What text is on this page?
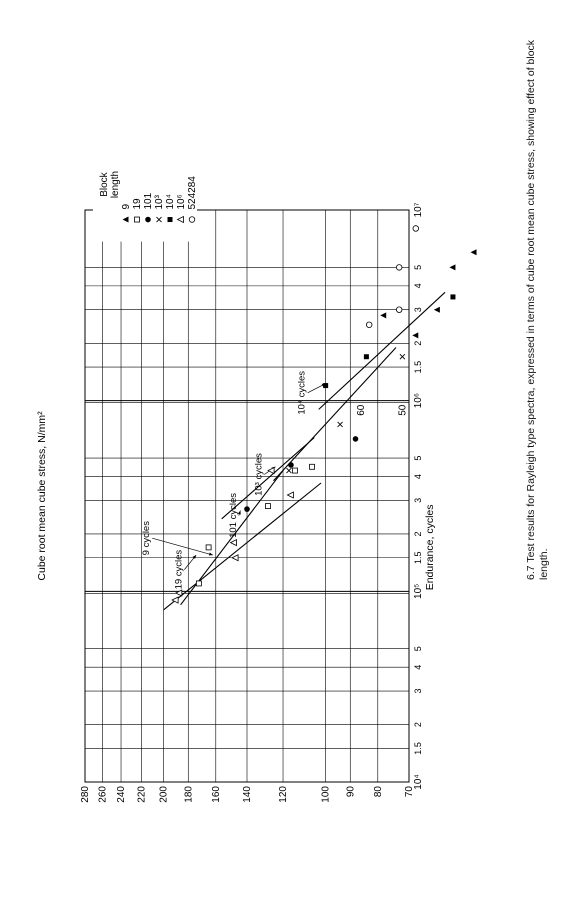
10⁴
1.5
2
3
4
5
10⁵
1.5
2
3
4
5
10⁶
1.5
2
3
4
5
10⁷
70
80
90
100
120
140
160
180
200
220
240
260
280
50
60
Endurance, cycles
Cube root mean cube stress, N/mm²	19 cycles
9 cycles
101 cycles
10³ cycles
10⁴ cycles
Block length
9 19 101 10³ 10⁴ 10⁶ 524284	6.7 Test results for Rayleigh type spectra, expressed in terms of cube root mean cube stress, showing effect of block length.
